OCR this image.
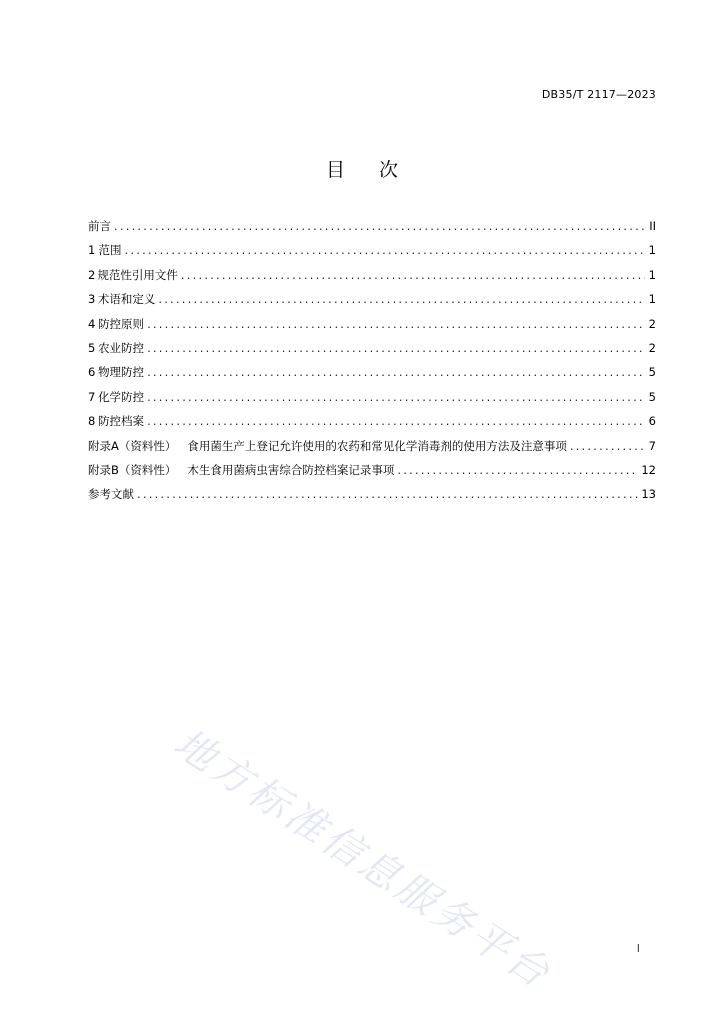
DB35/T 2117—2023
目 次
前言 .....	II
1 范围 .....	1
2 规范性引用文件 .....	1
3 术语和定义 .....	1
4 防控原则 .....	2
5 农业防控 .....	2
6 物理防控 .....	5
7 化学防控 .....	5
8 防控档案 .....	6
附录A（资料性）   食用菌生产上登记允许使用的农药和常见化学消毒剂的使用方法及注意事项 .....	7
附录B（资料性）   木生食用菌病虫害综合防控档案记录事项 .....	12
参考文献 .....	13
地方标准信息服务平台	I
